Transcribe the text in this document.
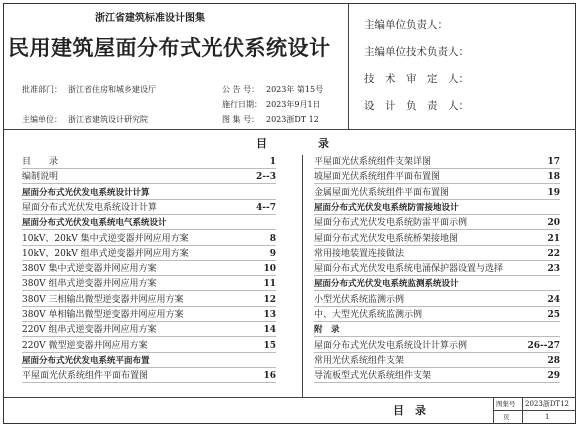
浙江省建筑标准设计图集
民用建筑屋面分布式光伏系统设计
批准部门： 浙江省住房和城乡建设厅
主编单位： 浙江省建筑设计研究院
公 告 号： 2023年 第15号
施行日期： 2023年9月1日
图 集 号： 2023浙DT 12
主编单位负责人：
主编单位技术负责人：
技　术　审　定　人：
设　计　负　责　人：
目	录
目　　录	1
编制说明	2--3
屋面分布式光伏发电系统设计计算
屋面分布式光伏发电系统设计计算	4--7
屋面分布式光伏发电系统电气系统设计
10kV、20kV 集中式逆变器并网应用方案	8
10kV、20kV 组串式逆变器并网应用方案	9
380V 集中式逆变器并网应用方案	10
380V 组串式逆变器并网应用方案	11
380V 三相输出微型逆变器并网应用方案	12
380V 单相输出微型逆变器并网应用方案	13
220V 组串式逆变器并网应用方案	14
220V 微型逆变器并网应用方案	15
屋面分布式光伏发电系统平面布置
平屋面光伏系统组件平面布置图	16
平屋面光伏系统组件支架详图	17
坡屋面光伏系统组件平面布置图	18
金属屋面光伏系统组件平面布置图	19
屋面分布式光伏发电系统防雷接地设计
屋面分布式光伏发电系统防雷平面示例	20
屋面分布式光伏发电系统桥架接地图	21
常用接地装置连接做法	22
屋面分布式光伏发电系统电涌保护器设置与选择	23
屋面分布式光伏发电系统监测系统设计
小型光伏系统监测示例	24
中、大型光伏系统监测示例	25
附　录
屋面分布式光伏发电系统设计计算示例	26--27
常用光伏系统组件支架	28
导流板型式光伏系统组件支架	29
目　录	图集号 2023浙DT12
页	1
